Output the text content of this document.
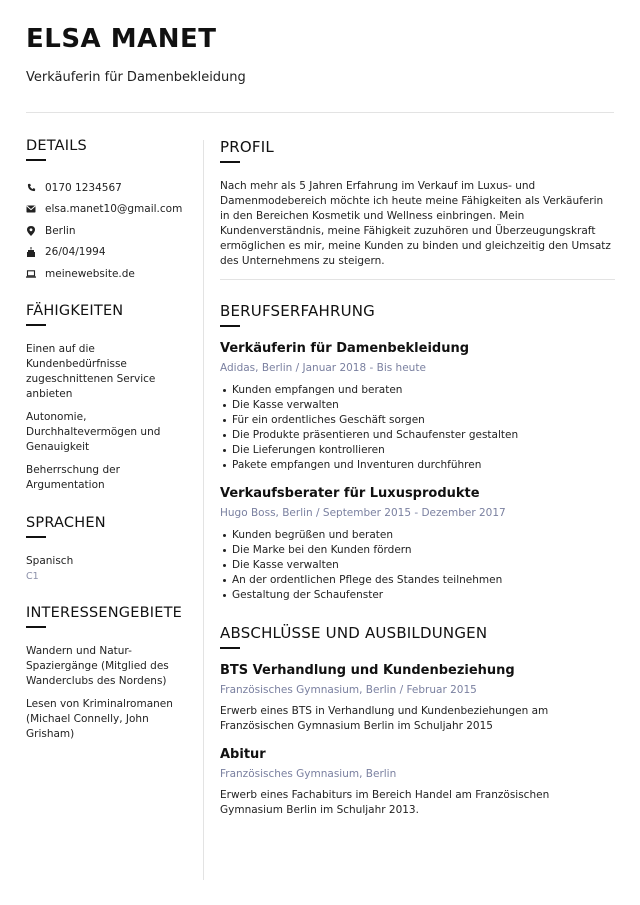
ELSA MANET

Verkäuferin für Damenbekleidung

DETAILS
0170 1234567
elsa.manet10@gmail.com
Berlin
26/04/1994
meinewebsite.de
FÄHIGKEITEN

Einen auf die Kundenbedürfnisse zugeschnittenen Service anbieten

Autonomie, Durchhaltevermögen und Genauigkeit

Beherrschung der Argumentation

SPRACHEN

Spanisch

C1

INTERESSENGEBIETE

Wandern und Natur-Spaziergänge (Mitglied des Wanderclubs des Nordens)

Lesen von Kriminalromanen (Michael Connelly, John Grisham)

PROFIL

Nach mehr als 5 Jahren Erfahrung im Verkauf im Luxus- und Damenmodebereich möchte ich heute meine Fähigkeiten als Verkäuferin in den Bereichen Kosmetik und Wellness einbringen. Mein Kundenverständnis, meine Fähigkeit zuzuhören und Überzeugungskraft ermöglichen es mir, meine Kunden zu binden und gleichzeitig den Umsatz des Unternehmens zu steigern.

BERUFSERFAHRUNG
Verkäuferin für Damenbekleidung

Adidas, Berlin / Januar 2018 - Bis heute

Kunden empfangen und beraten
Die Kasse verwalten
Für ein ordentliches Geschäft sorgen
Die Produkte präsentieren und Schaufenster gestalten
Die Lieferungen kontrollieren
Pakete empfangen und Inventuren durchführen
Verkaufsberater für Luxusprodukte

Hugo Boss, Berlin / September 2015 - Dezember 2017

Kunden begrüßen und beraten
Die Marke bei den Kunden fördern
Die Kasse verwalten
An der ordentlichen Pflege des Standes teilnehmen
Gestaltung der Schaufenster
ABSCHLÜSSE UND AUSBILDUNGEN
BTS Verhandlung und Kundenbeziehung

Französisches Gymnasium, Berlin / Februar 2015

Erwerb eines BTS in Verhandlung und Kundenbeziehungen am Französischen Gymnasium Berlin im Schuljahr 2015

Abitur

Französisches Gymnasium, Berlin

Erwerb eines Fachabiturs im Bereich Handel am Französischen Gymnasium Berlin im Schuljahr 2013.
